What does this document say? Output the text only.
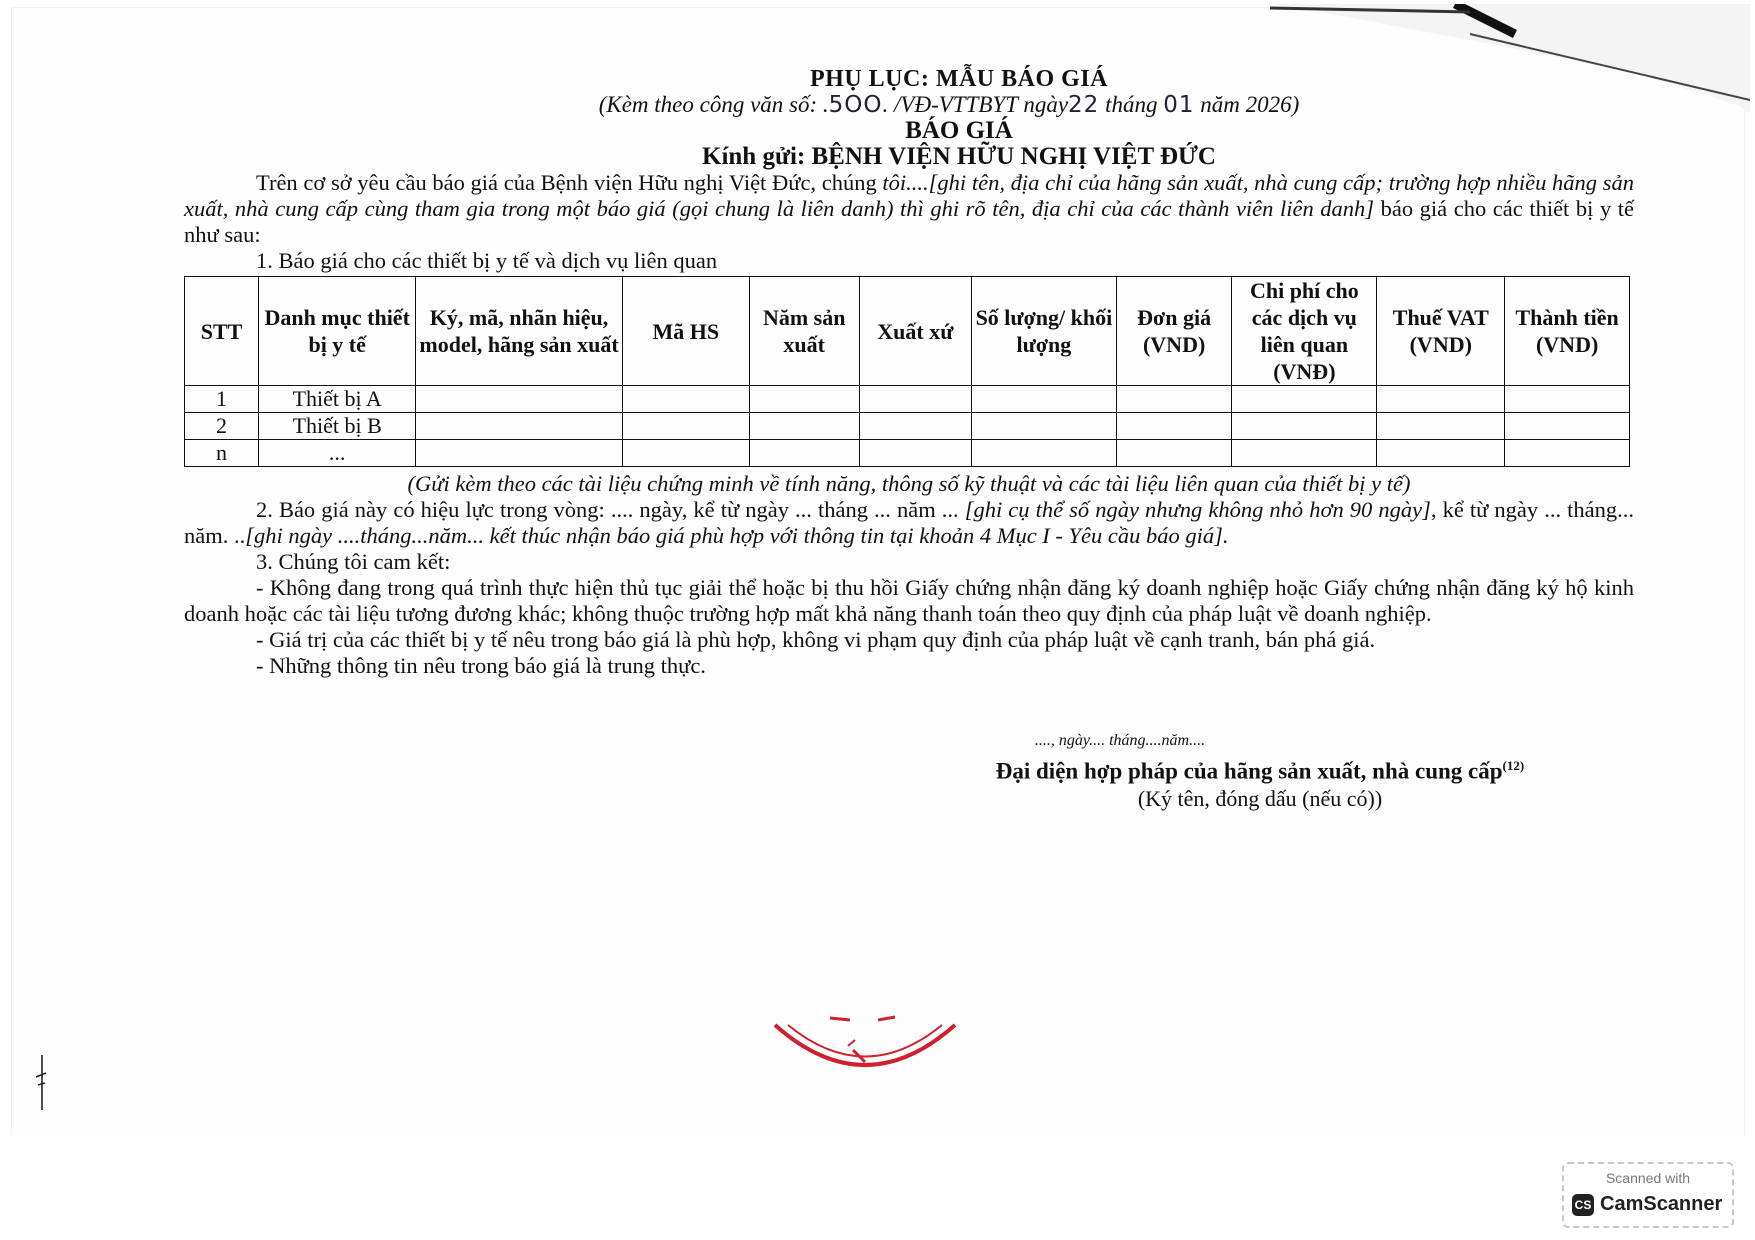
PHỤ LỤC: MẪU BÁO GIÁ
(Kèm theo công văn số: .5OO. /VĐ-VTTBYT ngày22 tháng 01 năm 2026)
BÁO GIÁ
Kính gửi: BỆNH VIỆN HỮU NGHỊ VIỆT ĐỨC

Trên cơ sở yêu cầu báo giá của Bệnh viện Hữu nghị Việt Đức, chúng tôi....[ghi tên, địa chỉ của hãng sản xuất, nhà cung cấp; trường hợp nhiều hãng sản xuất, nhà cung cấp cùng tham gia trong một báo giá (gọi chung là liên danh) thì ghi rõ tên, địa chỉ của các thành viên liên danh] báo giá cho các thiết bị y tế như sau:

1. Báo giá cho các thiết bị y tế và dịch vụ liên quan

STT	Danh mục thiết bị y tế	Ký, mã, nhãn hiệu, model, hãng sản xuất	Mã HS	Năm sản xuất	Xuất xứ	Số lượng/ khối lượng	Đơn giá (VND)	Chi phí cho các dịch vụ liên quan (VNĐ)	Thuế VAT (VND)	Thành tiền (VND)
1	Thiết bị A									
2	Thiết bị B									
n	...									
(Gửi kèm theo các tài liệu chứng minh về tính năng, thông số kỹ thuật và các tài liệu liên quan của thiết bị y tế)

2. Báo giá này có hiệu lực trong vòng: .... ngày, kể từ ngày ... tháng ... năm ... [ghi cụ thể số ngày nhưng không nhỏ hơn 90 ngày], kể từ ngày ... tháng... năm. ..[ghi ngày ....tháng...năm... kết thúc nhận báo giá phù hợp với thông tin tại khoản 4 Mục I - Yêu cầu báo giá].

3. Chúng tôi cam kết:

- Không đang trong quá trình thực hiện thủ tục giải thể hoặc bị thu hồi Giấy chứng nhận đăng ký doanh nghiệp hoặc Giấy chứng nhận đăng ký hộ kinh doanh hoặc các tài liệu tương đương khác; không thuộc trường hợp mất khả năng thanh toán theo quy định của pháp luật về doanh nghiệp.

- Giá trị của các thiết bị y tế nêu trong báo giá là phù hợp, không vi phạm quy định của pháp luật về cạnh tranh, bán phá giá.

- Những thông tin nêu trong báo giá là trung thực.

...., ngày.... tháng....năm....
Đại diện hợp pháp của hãng sản xuất, nhà cung cấp$^{(12)}$
(Ký tên, đóng dấu (nếu có))
Scanned with
CS CamScanner
